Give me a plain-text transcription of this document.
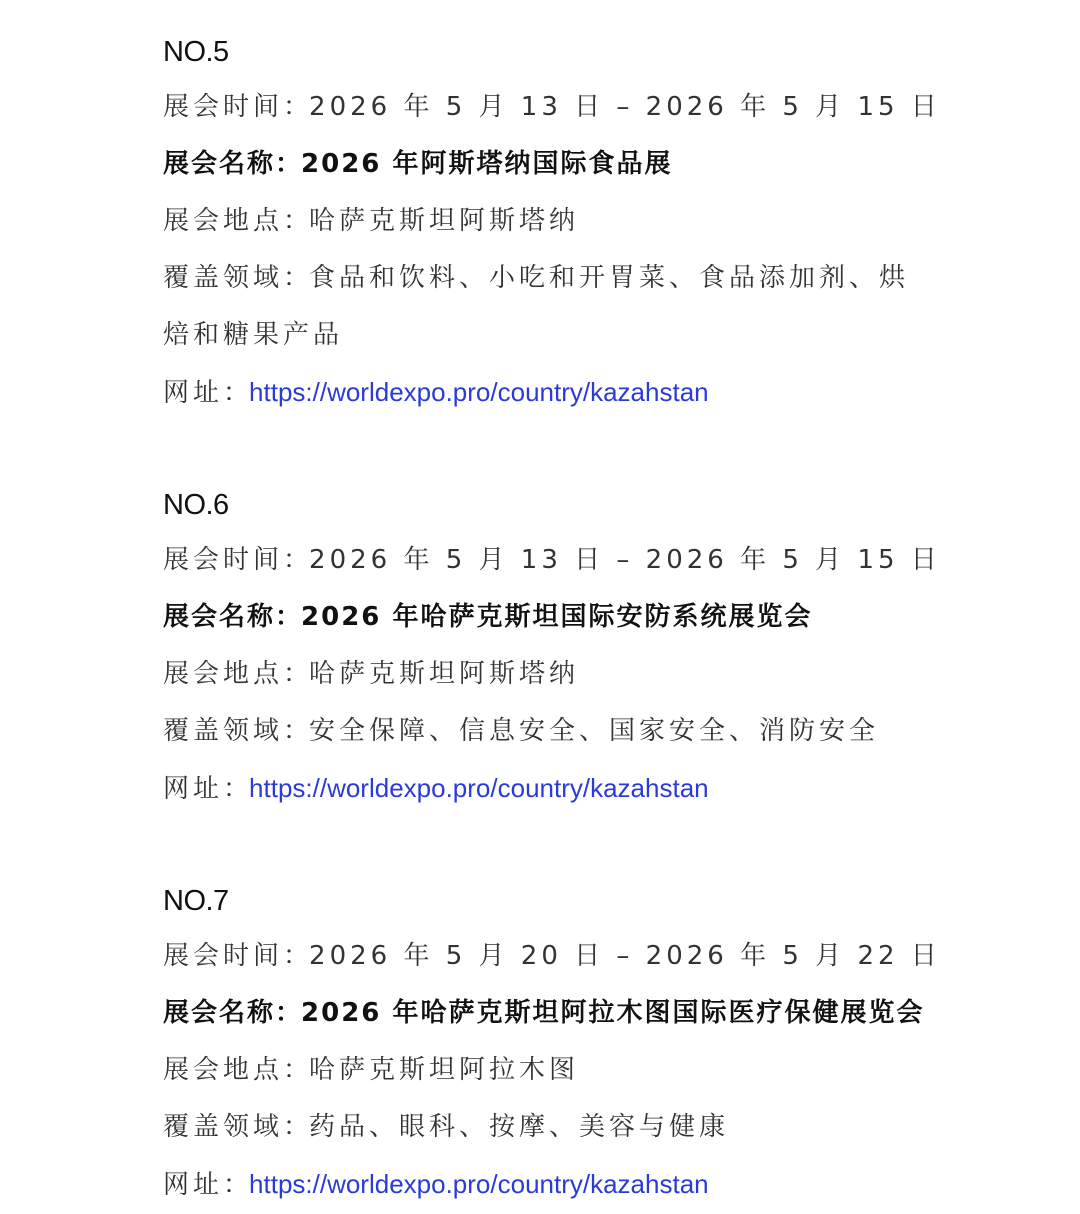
NO.5
展会时间：2026 年 5 月 13 日 – 2026 年 5 月 15 日
展会名称：2026 年阿斯塔纳国际食品展
展会地点：哈萨克斯坦阿斯塔纳
覆盖领域：食品和饮料、小吃和开胃菜、食品添加剂、烘焙和糖果产品
网址：https://worldexpo.pro/country/kazahstan
NO.6
展会时间：2026 年 5 月 13 日 – 2026 年 5 月 15 日
展会名称：2026 年哈萨克斯坦国际安防系统展览会
展会地点：哈萨克斯坦阿斯塔纳
覆盖领域：安全保障、信息安全、国家安全、消防安全
网址：https://worldexpo.pro/country/kazahstan
NO.7
展会时间：2026 年 5 月 20 日 – 2026 年 5 月 22 日
展会名称：2026 年哈萨克斯坦阿拉木图国际医疗保健展览会
展会地点：哈萨克斯坦阿拉木图
覆盖领域：药品、眼科、按摩、美容与健康
网址：https://worldexpo.pro/country/kazahstan
